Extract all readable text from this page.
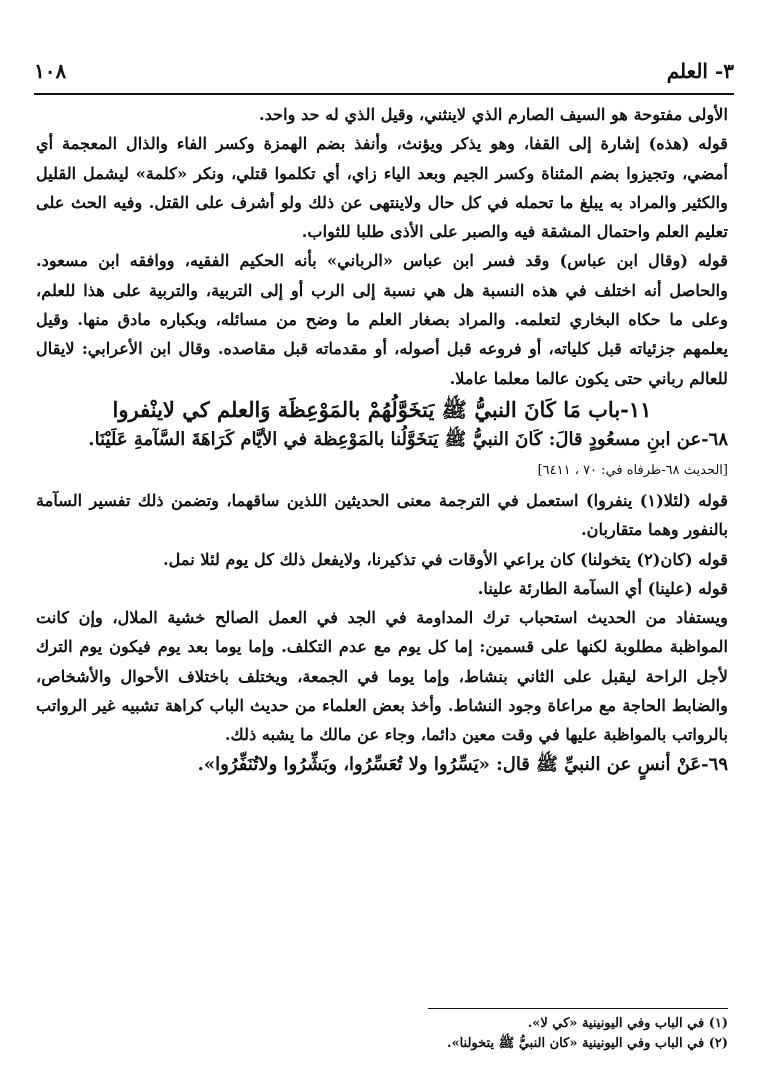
٣- العلم
١٠٨

الأولى مفتوحة هو السيف الصارم الذي لاينثني، وقيل الذي له حد واحد.

قوله (هذه) إشارة إلى القفا، وهو يذكر ويؤنث، وأنفذ بضم الهمزة وكسر الفاء والذال المعجمة أي أمضي، وتجيزوا بضم المثناة وكسر الجيم وبعد الياء زاي، أي تكلموا قتلي، ونكر «كلمة» ليشمل القليل والكثير والمراد به يبلغ ما تحمله في كل حال ولاينتهى عن ذلك ولو أشرف على القتل. وفيه الحث على تعليم العلم واحتمال المشقة فيه والصبر على الأذى طلبا للثواب.

قوله (وقال ابن عباس) وقد فسر ابن عباس «الرباني» بأنه الحكيم الفقيه، ووافقه ابن مسعود. والحاصل أنه اختلف في هذه النسبة هل هي نسبة إلى الرب أو إلى التربية، والتربية على هذا للعلم، وعلى ما حكاه البخاري لتعلمه. والمراد بصغار العلم ما وضح من مسائله، وبكباره مادق منها. وقيل يعلمهم جزئياته قبل كلياته، أو فروعه قبل أصوله، أو مقدماته قبل مقاصده. وقال ابن الأعرابي: لايقال للعالم رباني حتى يكون عالما معلما عاملا.

١١-باب مَا كَانَ النبيُّ ﷺ يَتخَوَّلُهُمْ بالمَوْعِظَة وَالعلم كي لاينْفروا

٦٨-عن ابنِ مسعُودٍ قالَ: كَانَ النبيُّ ﷺ يَتخَوَّلُنا بالمَوْعِظة في الأيَّام كَرَاهَةَ السَّآمةِ عَلَيْنَا.

[الحديث ٦٨-طرفاه في: ٧٠ ، ٦٤١١]

قوله (لئلا(١) ينفروا) استعمل في الترجمة معنى الحديثين اللذين ساقهما، وتضمن ذلك تفسير السآمة بالنفور وهما متقاربان.

قوله (كان(٢) يتخولنا) كان يراعي الأوقات في تذكيرنا، ولايفعل ذلك كل يوم لئلا نمل.

قوله (علينا) أي السآمة الطارئة علينا.

ويستفاد من الحديث استحباب ترك المداومة في الجد في العمل الصالح خشية الملال، وإن كانت المواظبة مطلوبة لكنها على قسمين: إما كل يوم مع عدم التكلف. وإما يوما بعد يوم فيكون يوم الترك لأجل الراحة ليقبل على الثاني بنشاط، وإما يوما في الجمعة، ويختلف باختلاف الأحوال والأشخاص، والضابط الحاجة مع مراعاة وجود النشاط. وأخذ بعض العلماء من حديث الباب كراهة تشبيه غير الرواتب بالرواتب بالمواظبة عليها في وقت معين دائما، وجاء عن مالك ما يشبه ذلك.

٦٩-عَنْ أنسٍ عن النبيِّ ﷺ قال: «يَسِّرُوا ولا تُعَسِّرُوا، وبَشِّرُوا ولاتُنَفِّرُوا».

(١) في الباب وفي اليونينية «كي لا».

(٢) في الباب وفي اليونينية «كان النبيُّ ﷺ يتخولنا».
